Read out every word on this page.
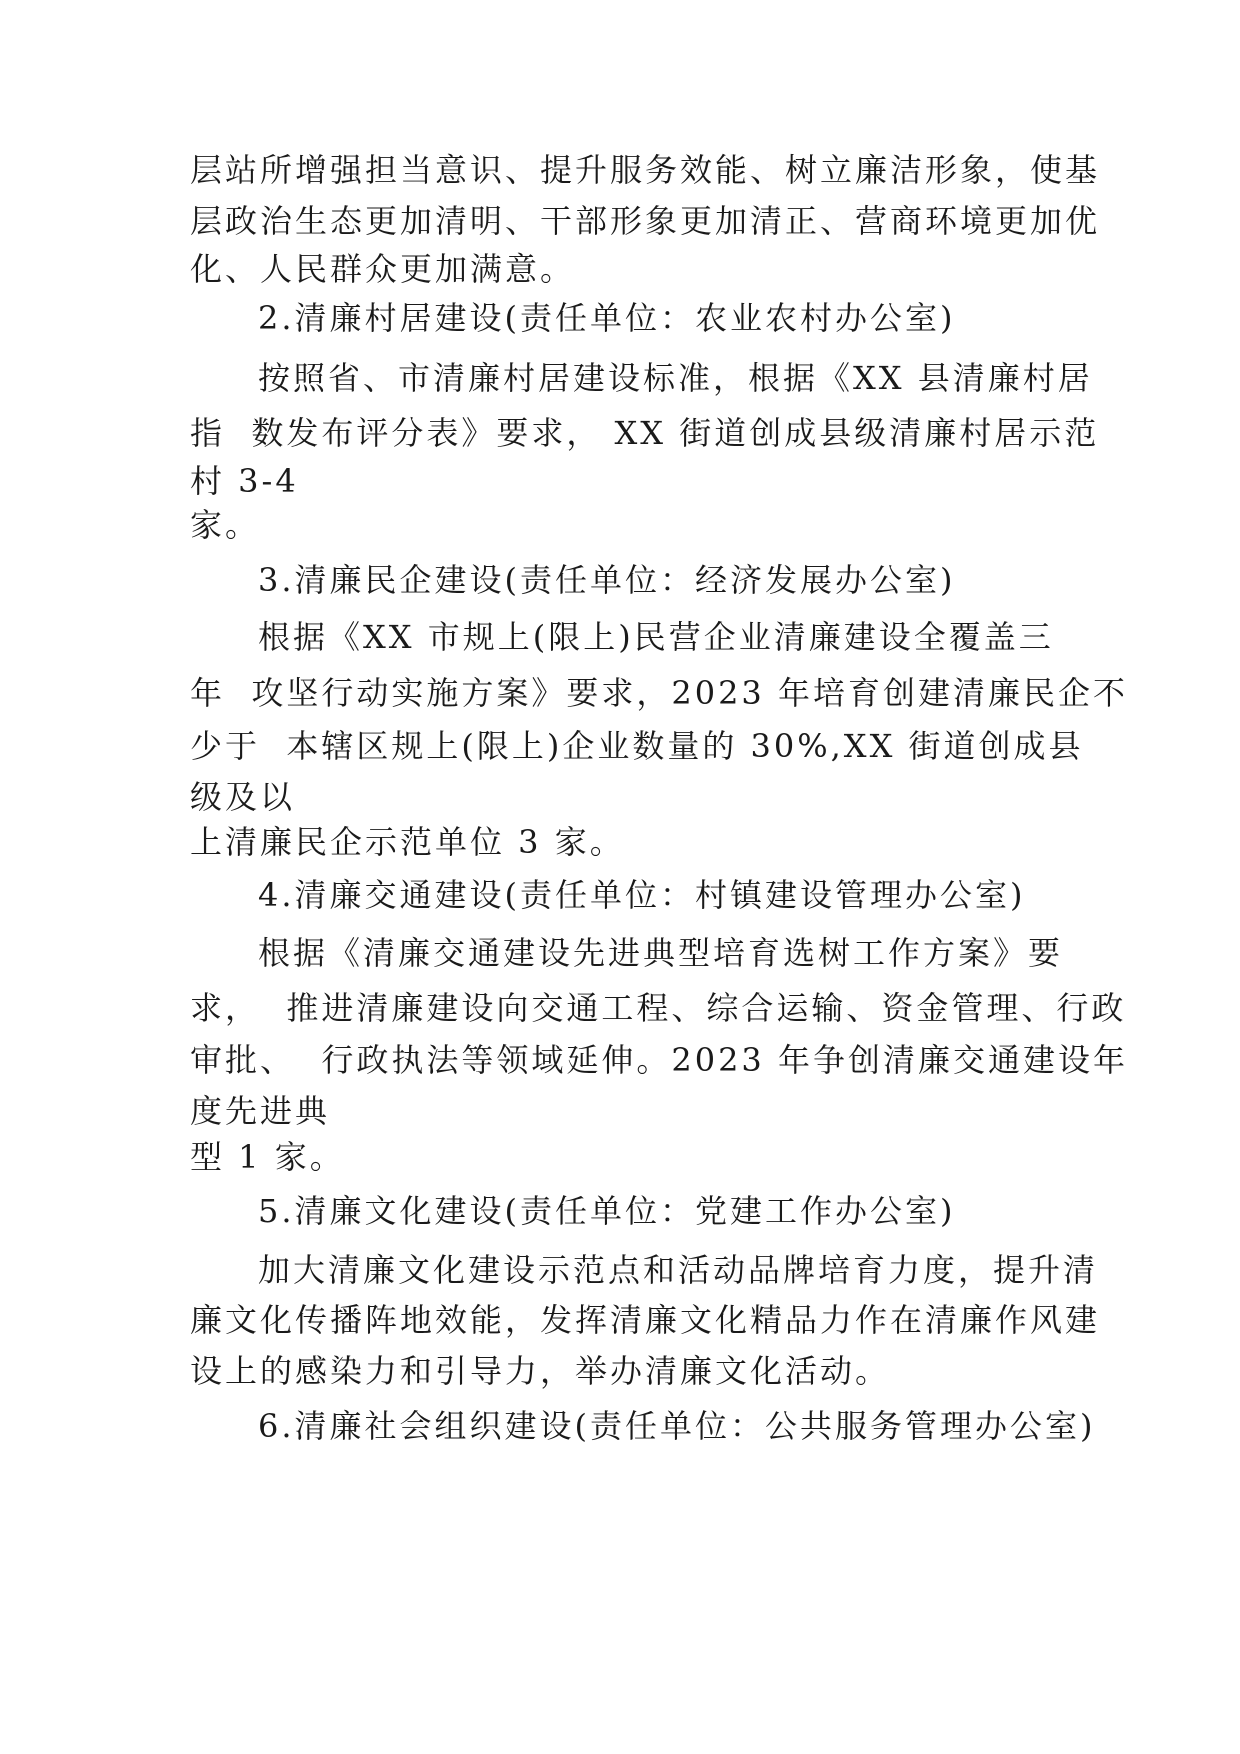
层站所增强担当意识、提升服务效能、树立廉洁形象，使基
层政治生态更加清明、干部形象更加清正、营商环境更加优
化、人民群众更加满意。
2.清廉村居建设(责任单位：农业农村办公室)
按照省、市清廉村居建设标准，根据《XX 县清廉村居
指  数发布评分表》要求， XX 街道创成县级清廉村居示范
村 3-4
家。
3.清廉民企建设(责任单位：经济发展办公室)
根据《XX 市规上(限上)民营企业清廉建设全覆盖三
年  攻坚行动实施方案》要求，2023 年培育创建清廉民企不
少于  本辖区规上(限上)企业数量的 30%,XX 街道创成县
级及以
上清廉民企示范单位 3 家。
4.清廉交通建设(责任单位：村镇建设管理办公室)
根据《清廉交通建设先进典型培育选树工作方案》要
求，  推进清廉建设向交通工程、综合运输、资金管理、行政
审批、  行政执法等领域延伸。2023 年争创清廉交通建设年
度先进典
型 1 家。
5.清廉文化建设(责任单位：党建工作办公室)
加大清廉文化建设示范点和活动品牌培育力度，提升清
廉文化传播阵地效能，发挥清廉文化精品力作在清廉作风建
设上的感染力和引导力，举办清廉文化活动。
6.清廉社会组织建设(责任单位：公共服务管理办公室)
